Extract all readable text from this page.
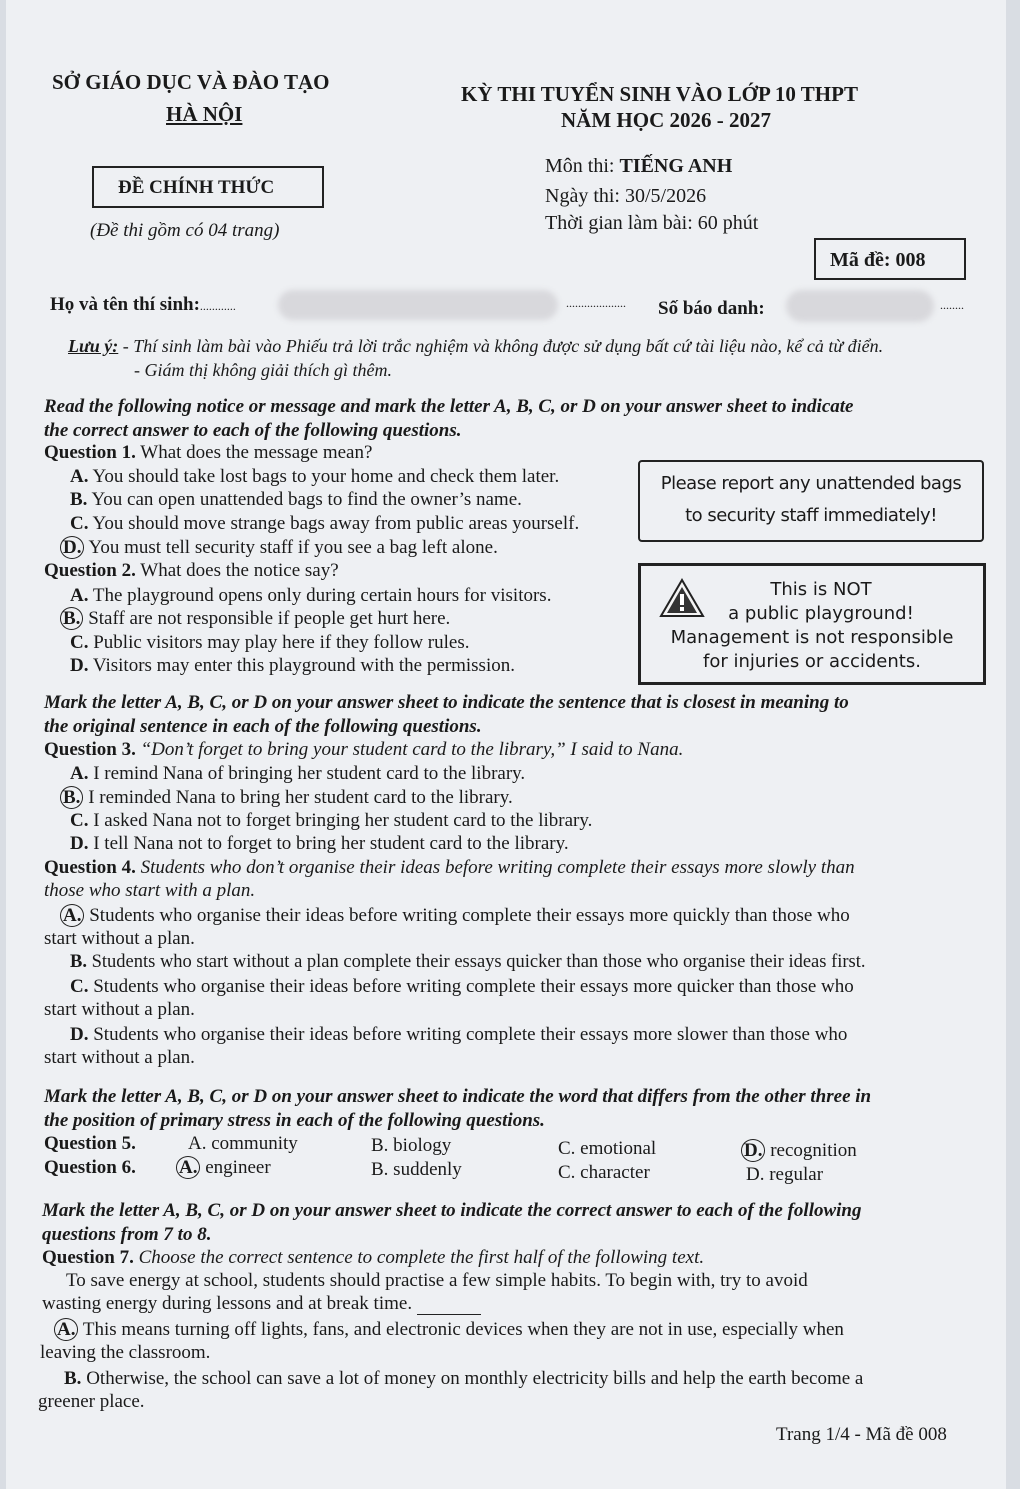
SỞ GIÁO DỤC VÀ ĐÀO TẠO
HÀ NỘI
KỲ THI TUYỂN SINH VÀO LỚP 10 THPT
NĂM HỌC 2026 - 2027
ĐỀ CHÍNH THỨC
(Đề thi gồm có 04 trang)
Môn thi: TIẾNG ANH
Ngày thi: 30/5/2026
Thời gian làm bài: 60 phút
Mã đề: 008
Họ và tên thí sinh:............	.................... Số báo danh:	........
Lưu ý: - Thí sinh làm bài vào Phiếu trả lời trắc nghiệm và không được sử dụng bất cứ tài liệu nào, kể cả từ điển.
- Giám thị không giải thích gì thêm.
Read the following notice or message and mark the letter A, B, C, or D on your answer sheet to indicate
the correct answer to each of the following questions.
Question 1. What does the message mean?
A. You should take lost bags to your home and check them later.
B. You can open unattended bags to find the owner’s name.
C. You should move strange bags away from public areas yourself.
D. You must tell security staff if you see a bag left alone.
Please report any unattended bags
to security staff immediately!
Question 2. What does the notice say?
A. The playground opens only during certain hours for visitors.
B. Staff are not responsible if people get hurt here.
C. Public visitors may play here if they follow rules.
D. Visitors may enter this playground with the permission.
This is NOT
a public playground!
Management is not responsible
for injuries or accidents.
Mark the letter A, B, C, or D on your answer sheet to indicate the sentence that is closest in meaning to
the original sentence in each of the following questions.
Question 3. “Don’t forget to bring your student card to the library,” I said to Nana.
A. I remind Nana of bringing her student card to the library.
B. I reminded Nana to bring her student card to the library.
C. I asked Nana not to forget bringing her student card to the library.
D. I tell Nana not to forget to bring her student card to the library.
Question 4. Students who don’t organise their ideas before writing complete their essays more slowly than
those who start with a plan.
A. Students who organise their ideas before writing complete their essays more quickly than those who
start without a plan.
B. Students who start without a plan complete their essays quicker than those who organise their ideas first.
C. Students who organise their ideas before writing complete their essays more quicker than those who
start without a plan.
D. Students who organise their ideas before writing complete their essays more slower than those who
start without a plan.
Mark the letter A, B, C, or D on your answer sheet to indicate the word that differs from the other three in
the position of primary stress in each of the following questions.
Question 5.	A. community	B. biology	C. emotional	D. recognition
Question 6. A. engineer	B. suddenly	C. character	D. regular
Mark the letter A, B, C, or D on your answer sheet to indicate the correct answer to each of the following
questions from 7 to 8.
Question 7. Choose the correct sentence to complete the first half of the following text.
To save energy at school, students should practise a few simple habits. To begin with, try to avoid
wasting energy during lessons and at break time.
A. This means turning off lights, fans, and electronic devices when they are not in use, especially when
leaving the classroom.
B. Otherwise, the school can save a lot of money on monthly electricity bills and help the earth become a
greener place.
Trang 1/4 - Mã đề 008
